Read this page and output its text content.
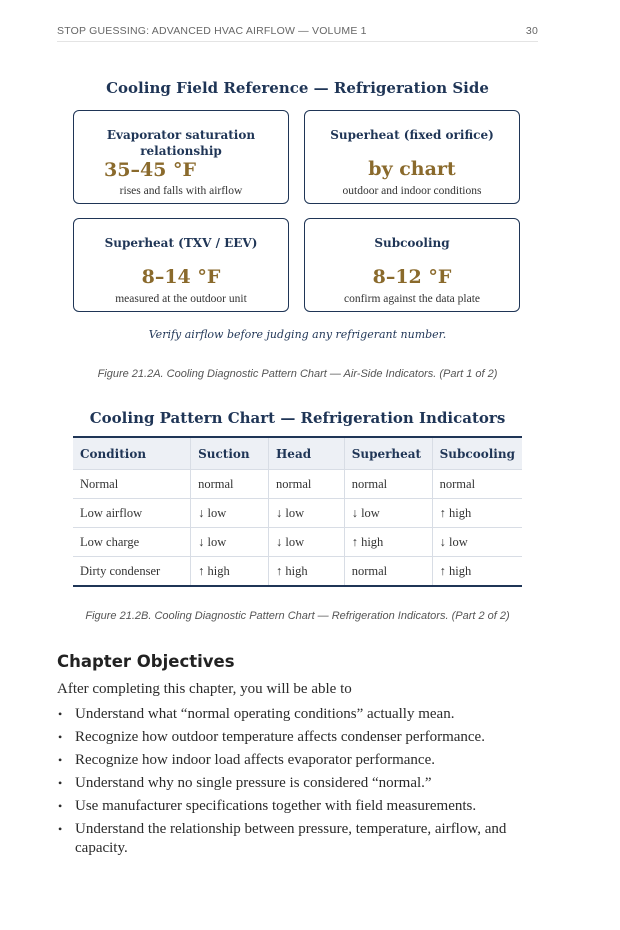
STOP GUESSING: ADVANCED HVAC AIRFLOW — VOLUME 1	30
Cooling Field Reference — Refrigeration Side
Evaporator saturation relationship
35–45 °F
rises and falls with airflow
Superheat (fixed orifice)
by chart
outdoor and indoor conditions
Superheat (TXV / EEV)
8–14 °F
measured at the outdoor unit
Subcooling
8–12 °F
confirm against the data plate
Verify airflow before judging any refrigerant number.
Figure 21.2A. Cooling Diagnostic Pattern Chart — Air-Side Indicators. (Part 1 of 2)
Cooling Pattern Chart — Refrigeration Indicators
Condition	Suction	Head	Superheat	Subcooling
Normal	normal	normal	normal	normal
Low airflow	↓ low	↓ low	↓ low	↑ high
Low charge	↓ low	↓ low	↑ high	↓ low
Dirty condenser	↑ high	↑ high	normal	↑ high
Figure 21.2B. Cooling Diagnostic Pattern Chart — Refrigeration Indicators. (Part 2 of 2)
Chapter Objectives
After completing this chapter, you will be able to
• Understand what “normal operating conditions” actually mean.
• Recognize how outdoor temperature affects condenser performance.
• Recognize how indoor load affects evaporator performance.
• Understand why no single pressure is considered “normal.”
• Use manufacturer specifications together with field measurements.
• Understand the relationship between pressure, temperature, airflow, and capacity.
